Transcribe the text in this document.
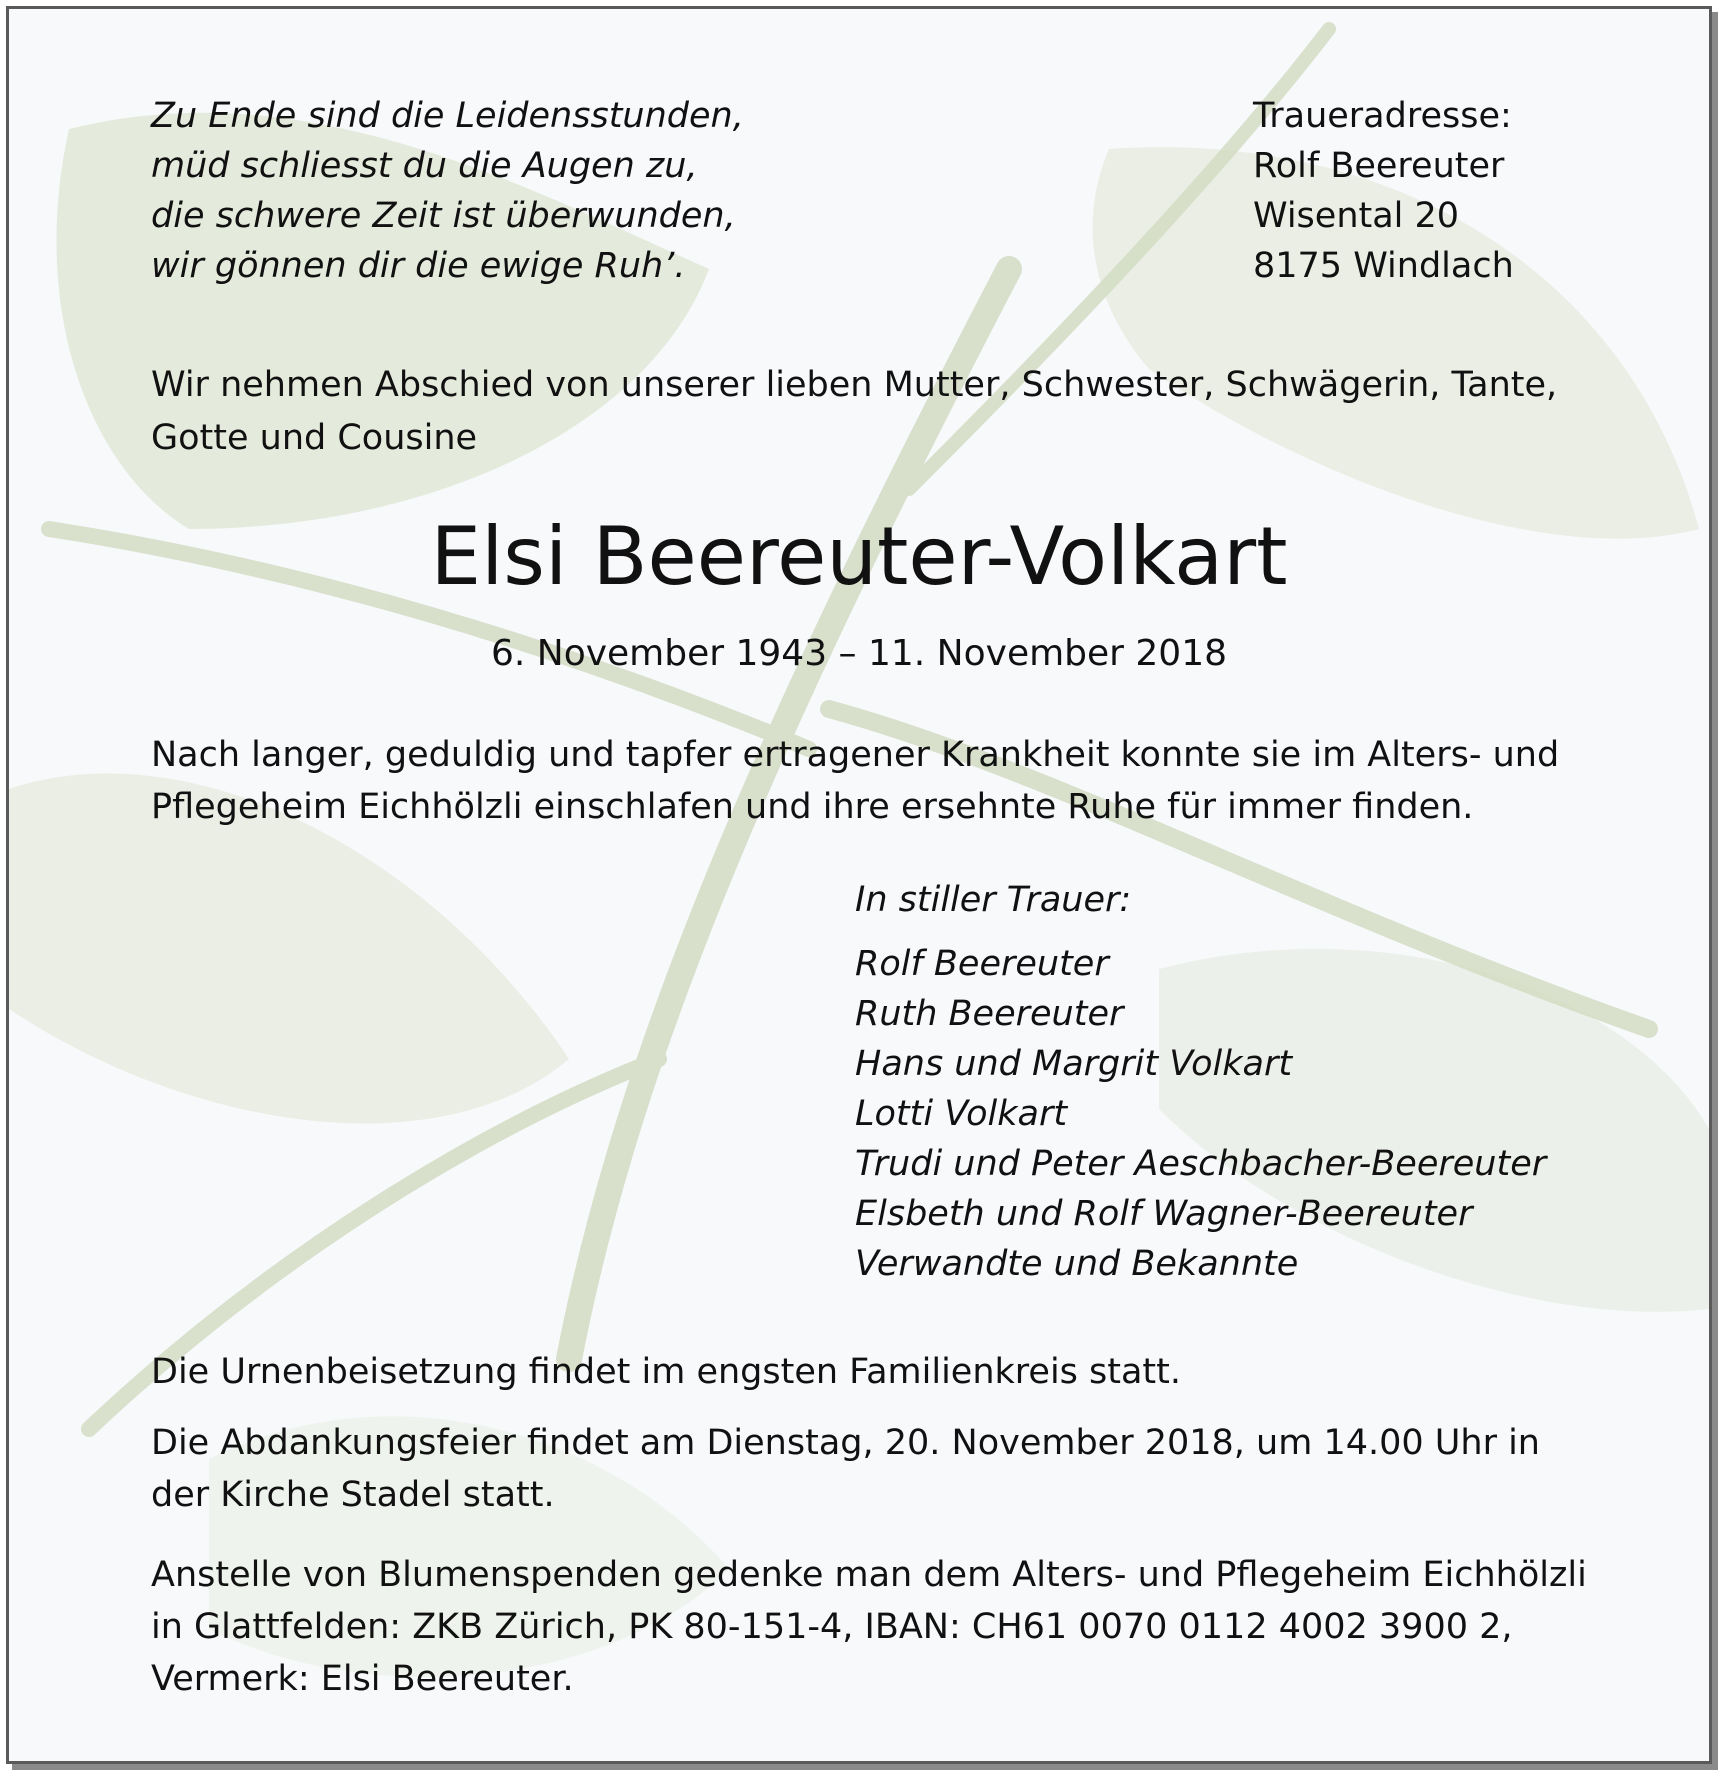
Zu Ende sind die Leidensstunden,
müd schliesst du die Augen zu,
die schwere Zeit ist überwunden,
wir gönnen dir die ewige Ruh’.
Traueradresse:
Rolf Beereuter
Wisental 20
8175 Windlach
Wir nehmen Abschied von unserer lieben Mutter, Schwester, Schwägerin, Tante,
Gotte und Cousine
Elsi Beereuter-Volkart
6. November 1943 – 11. November 2018
Nach langer, geduldig und tapfer ertragener Krankheit konnte sie im Alters- und
Pflegeheim Eichhölzli einschlafen und ihre ersehnte Ruhe für immer finden.
In stiller Trauer:
Rolf Beereuter
Ruth Beereuter
Hans und Margrit Volkart
Lotti Volkart
Trudi und Peter Aeschbacher-Beereuter
Elsbeth und Rolf Wagner-Beereuter
Verwandte und Bekannte
Die Urnenbeisetzung findet im engsten Familienkreis statt.
Die Abdankungsfeier findet am Dienstag, 20. November 2018, um 14.00 Uhr in
der Kirche Stadel statt.
Anstelle von Blumenspenden gedenke man dem Alters- und Pflegeheim Eichhölzli
in Glattfelden: ZKB Zürich, PK 80-151-4, IBAN: CH61 0070 0112 4002 3900 2,
Vermerk: Elsi Beereuter.
